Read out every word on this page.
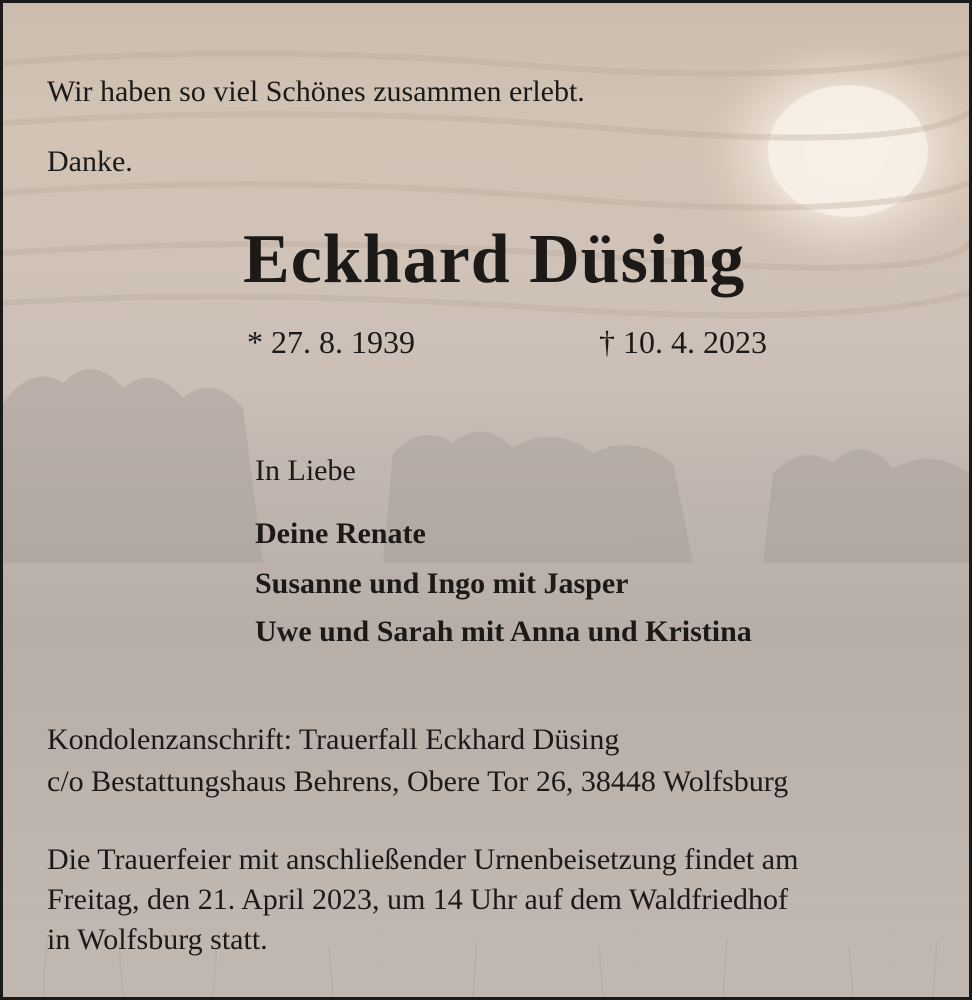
Wir haben so viel Schönes zusammen erlebt.

Danke.

Eckhard Düsing

* 27. 8. 1939	† 10. 4. 2023

In Liebe

Deine Renate

Susanne und Ingo mit Jasper

Uwe und Sarah mit Anna und Kristina

Kondolenzanschrift: Trauerfall Eckhard Düsing

c/o Bestattungshaus Behrens, Obere Tor 26, 38448 Wolfsburg

Die Trauerfeier mit anschließender Urnenbeisetzung findet am

Freitag, den 21. April 2023, um 14 Uhr auf dem Waldfriedhof

in Wolfsburg statt.
